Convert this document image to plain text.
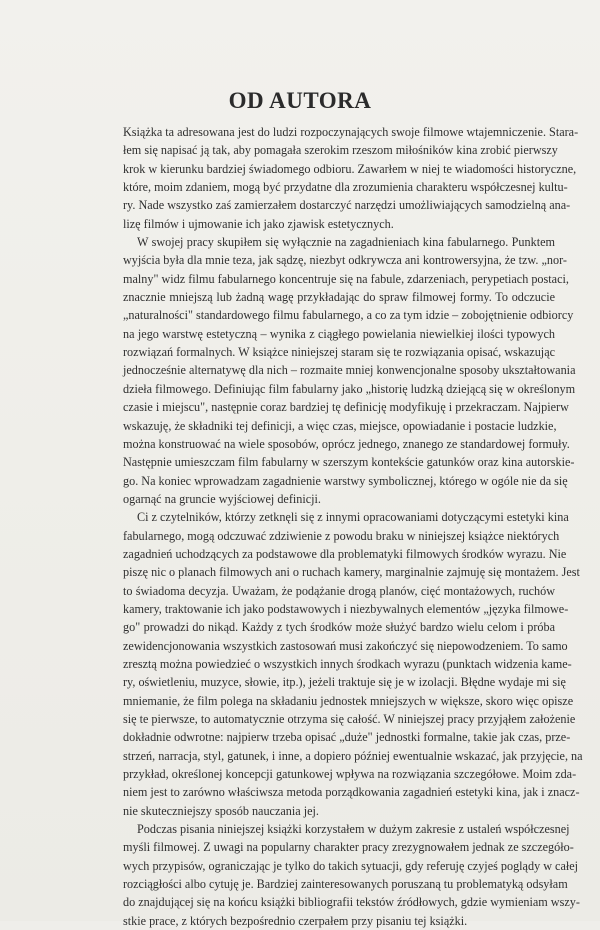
OD AUTORA
Książka ta adresowana jest do ludzi rozpoczynających swoje filmowe wtajemniczenie. Stara-
łem się napisać ją tak, aby pomagała szerokim rzeszom miłośników kina zrobić pierwszy
krok w kierunku bardziej świadomego odbioru. Zawarłem w niej te wiadomości historyczne,
które, moim zdaniem, mogą być przydatne dla zrozumienia charakteru współczesnej kultu-
ry. Nade wszystko zaś zamierzałem dostarczyć narzędzi umożliwiających samodzielną ana-
lizę filmów i ujmowanie ich jako zjawisk estetycznych.
W swojej pracy skupiłem się wyłącznie na zagadnieniach kina fabularnego. Punktem
wyjścia była dla mnie teza, jak sądzę, niezbyt odkrywcza ani kontrowersyjna, że tzw. „nor-
malny" widz filmu fabularnego koncentruje się na fabule, zdarzeniach, perypetiach postaci,
znacznie mniejszą lub żadną wagę przykładając do spraw filmowej formy. To odczucie
„naturalności" standardowego filmu fabularnego, a co za tym idzie – zobojętnienie odbiorcy
na jego warstwę estetyczną – wynika z ciągłego powielania niewielkiej ilości typowych
rozwiązań formalnych. W książce niniejszej staram się te rozwiązania opisać, wskazując
jednocześnie alternatywę dla nich – rozmaite mniej konwencjonalne sposoby ukształtowania
dzieła filmowego. Definiując film fabularny jako „historię ludzką dziejącą się w określonym
czasie i miejscu", następnie coraz bardziej tę definicję modyfikuję i przekraczam. Najpierw
wskazuję, że składniki tej definicji, a więc czas, miejsce, opowiadanie i postacie ludzkie,
można konstruować na wiele sposobów, oprócz jednego, znanego ze standardowej formuły.
Następnie umieszczam film fabularny w szerszym kontekście gatunków oraz kina autorskie-
go. Na koniec wprowadzam zagadnienie warstwy symbolicznej, którego w ogóle nie da się
ogarnąć na gruncie wyjściowej definicji.
Ci z czytelników, którzy zetknęli się z innymi opracowaniami dotyczącymi estetyki kina
fabularnego, mogą odczuwać zdziwienie z powodu braku w niniejszej książce niektórych
zagadnień uchodzących za podstawowe dla problematyki filmowych środków wyrazu. Nie
piszę nic o planach filmowych ani o ruchach kamery, marginalnie zajmuję się montażem. Jest
to świadoma decyzja. Uważam, że podążanie drogą planów, cięć montażowych, ruchów
kamery, traktowanie ich jako podstawowych i niezbywalnych elementów „języka filmowe-
go" prowadzi do nikąd. Każdy z tych środków może służyć bardzo wielu celom i próba
zewidencjonowania wszystkich zastosowań musi zakończyć się niepowodzeniem. To samo
zresztą można powiedzieć o wszystkich innych środkach wyrazu (punktach widzenia kame-
ry, oświetleniu, muzyce, słowie, itp.), jeżeli traktuje się je w izolacji. Błędne wydaje mi się
mniemanie, że film polega na składaniu jednostek mniejszych w większe, skoro więc opisze
się te pierwsze, to automatycznie otrzyma się całość. W niniejszej pracy przyjąłem założenie
dokładnie odwrotne: najpierw trzeba opisać „duże" jednostki formalne, takie jak czas, prze-
strzeń, narracja, styl, gatunek, i inne, a dopiero później ewentualnie wskazać, jak przyjęcie, na
przykład, określonej koncepcji gatunkowej wpływa na rozwiązania szczegółowe. Moim zda-
niem jest to zarówno właściwsza metoda porządkowania zagadnień estetyki kina, jak i znacz-
nie skuteczniejszy sposób nauczania jej.
Podczas pisania niniejszej książki korzystałem w dużym zakresie z ustaleń współczesnej
myśli filmowej. Z uwagi na popularny charakter pracy zrezygnowałem jednak ze szczegóło-
wych przypisów, ograniczając je tylko do takich sytuacji, gdy referuję czyjeś poglądy w całej
rozciągłości albo cytuję je. Bardziej zainteresowanych poruszaną tu problematyką odsyłam
do znajdującej się na końcu książki bibliografii tekstów źródłowych, gdzie wymieniam wszy-
stkie prace, z których bezpośrednio czerpałem przy pisaniu tej książki.
